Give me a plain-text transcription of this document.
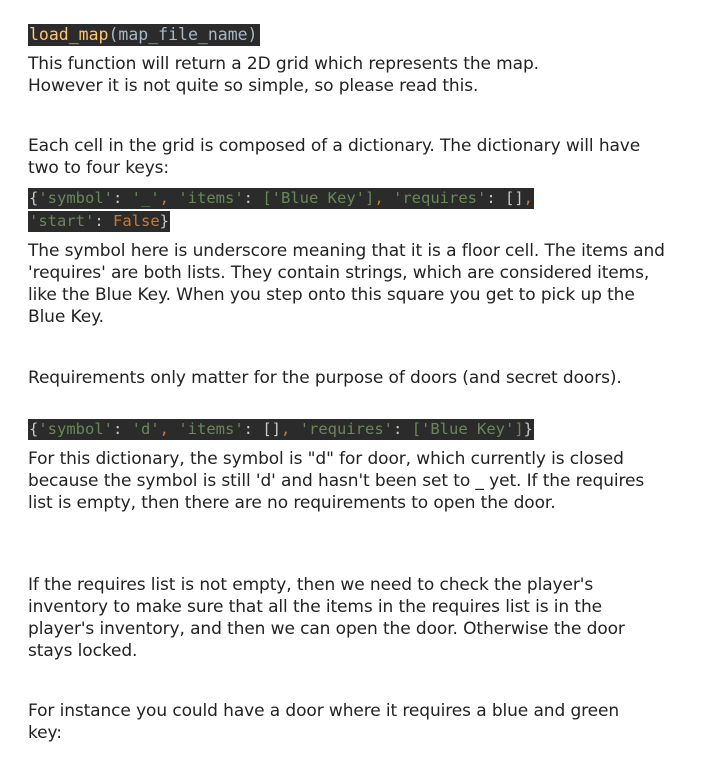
load_map(map_file_name)

This function will return a 2D grid which represents the map.

However it is not quite so simple, so please read this.

Each cell in the grid is composed of a dictionary. The dictionary will have two to four keys:

{'symbol': '_', 'items': ['Blue Key'], 'requires': [],
'start': False}

The symbol here is underscore meaning that it is a floor cell. The items and 'requires' are both lists. They contain strings, which are considered items, like the Blue Key. When you step onto this square you get to pick up the Blue Key.

Requirements only matter for the purpose of doors (and secret doors).

{'symbol': 'd', 'items': [], 'requires': ['Blue Key']}

For this dictionary, the symbol is "d" for door, which currently is closed because the symbol is still 'd' and hasn't been set to _ yet. If the requires list is empty, then there are no requirements to open the door.

If the requires list is not empty, then we need to check the player's inventory to make sure that all the items in the requires list is in the player's inventory, and then we can open the door. Otherwise the door stays locked.

For instance you could have a door where it requires a blue and green key:
